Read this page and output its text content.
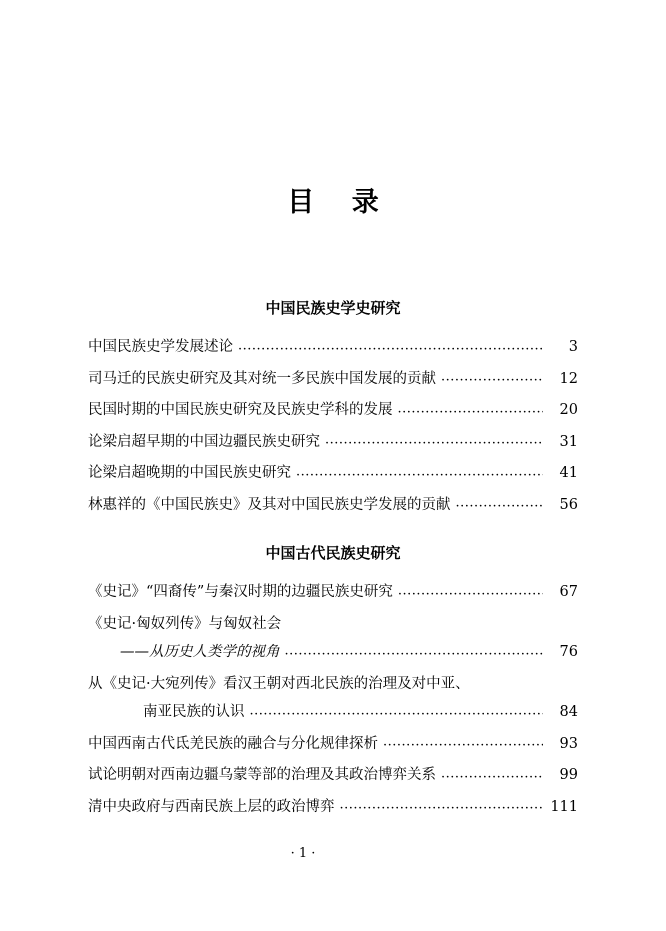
目 录
中国民族史学史研究
中国民族史学发展述论 ·····	3
司马迁的民族史研究及其对统一多民族中国发展的贡献 ·····	12
民国时期的中国民族史研究及民族史学科的发展 ·····	20
论梁启超早期的中国边疆民族史研究 ·····	31
论梁启超晚期的中国民族史研究 ·····	41
林惠祥的《中国民族史》及其对中国民族史学发展的贡献 ·····	56
中国古代民族史研究
《史记》“四裔传”与秦汉时期的边疆民族史研究 ·····	67
《史记·匈奴列传》与匈奴社会
——从历史人类学的视角 ·····	76
从《史记·大宛列传》看汉王朝对西北民族的治理及对中亚、
南亚民族的认识 ·····	84
中国西南古代氐羌民族的融合与分化规律探析 ·····	93
试论明朝对西南边疆乌蒙等部的治理及其政治博弈关系 ·····	99
清中央政府与西南民族上层的政治博弈 ·····	111
· 1 ·
